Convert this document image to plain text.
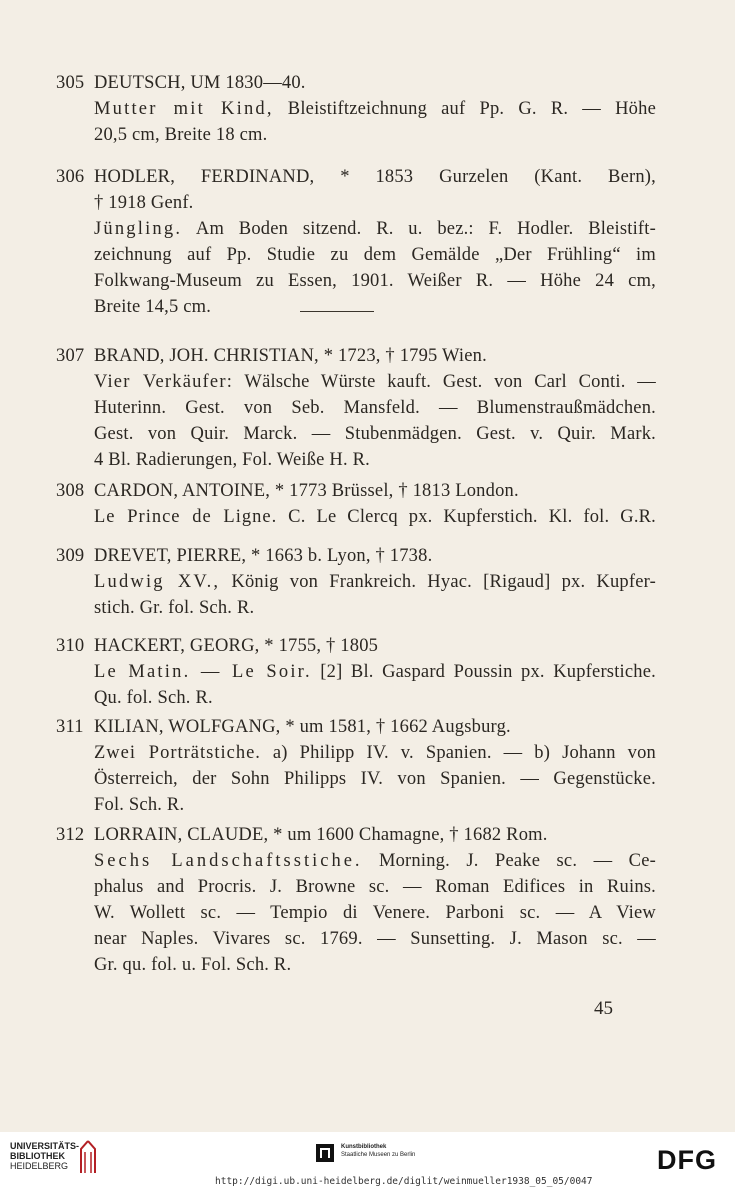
305 DEUTSCH, UM 1830—40.
Mutter mit Kind, Bleistiftzeichnung auf Pp. G. R. — Höhe
20,5 cm, Breite 18 cm.
306 HODLER, FERDINAND, * 1853 Gurzelen (Kant. Bern),
† 1918 Genf.
Jüngling. Am Boden sitzend. R. u. bez.: F. Hodler. Bleistift-
zeichnung auf Pp. Studie zu dem Gemälde „Der Frühling“ im
Folkwang-Museum zu Essen, 1901. Weißer R. — Höhe 24 cm,
Breite 14,5 cm.
307 BRAND, JOH. CHRISTIAN, * 1723, † 1795 Wien.
Vier Verkäufer: Wälsche Würste kauft. Gest. von Carl Conti. —
Huterinn. Gest. von Seb. Mansfeld. — Blumenstraußmädchen.
Gest. von Quir. Marck. — Stubenmädgen. Gest. v. Quir. Mark.
4 Bl. Radierungen, Fol. Weiße H. R.
308 CARDON, ANTOINE, * 1773 Brüssel, † 1813 London.
Le Prince de Ligne. C. Le Clercq px. Kupferstich. Kl. fol. G.R.
309 DREVET, PIERRE, * 1663 b. Lyon, † 1738.
Ludwig XV., König von Frankreich. Hyac. [Rigaud] px. Kupfer-
stich. Gr. fol. Sch. R.
310 HACKERT, GEORG, * 1755, † 1805
Le Matin. — Le Soir. [2] Bl. Gaspard Poussin px. Kupferstiche.
Qu. fol. Sch. R.
311 KILIAN, WOLFGANG, * um 1581, † 1662 Augsburg.
Zwei Porträtstiche. a) Philipp IV. v. Spanien. — b) Johann von
Österreich, der Sohn Philipps IV. von Spanien. — Gegenstücke.
Fol. Sch. R.
312 LORRAIN, CLAUDE, * um 1600 Chamagne, † 1682 Rom.
Sechs Landschaftsstiche. Morning. J. Peake sc. — Ce-
phalus and Procris. J. Browne sc. — Roman Edifices in Ruins.
W. Wollett sc. — Tempio di Venere. Parboni sc. — A View
near Naples. Vivares sc. 1769. — Sunsetting. J. Mason sc. —
Gr. qu. fol. u. Fol. Sch. R.
45
UNIVERSITÄTS-
BIBLIOTHEK
HEIDELBERG
Kunstbibliothek
Staatliche Museen zu Berlin	DFG
http://digi.ub.uni-heidelberg.de/diglit/weinmueller1938_05_05/0047
